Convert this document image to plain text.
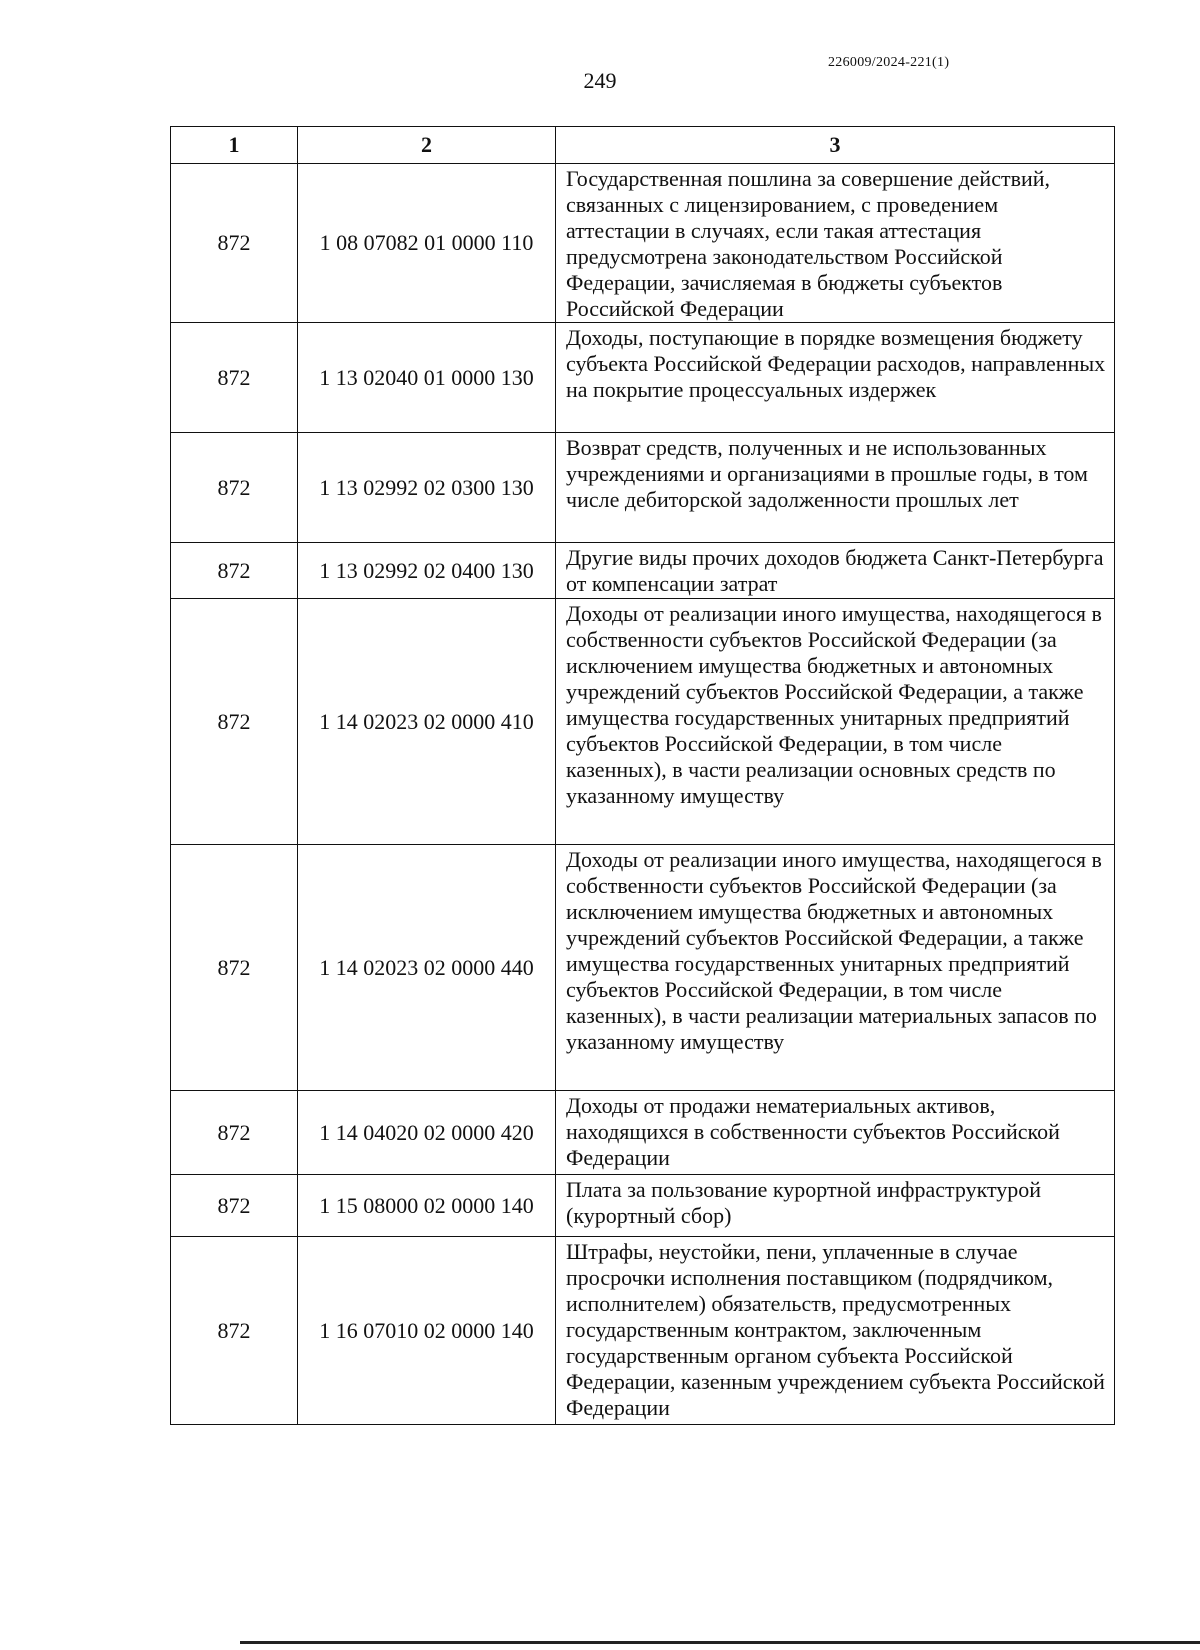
226009/2024-221(1)
249
1	2	3
872	1 08 07082 01 0000 110	Государственная пошлина за совершение действий, связанных с лицензированием, с проведением аттестации в случаях, если такая аттестация предусмотрена законодательством Российской Федерации, зачисляемая в бюджеты субъектов Российской Федерации
872	1 13 02040 01 0000 130	Доходы, поступающие в порядке возмещения бюджету субъекта Российской Федерации расходов, направленных на покрытие процессуальных издержек
872	1 13 02992 02 0300 130	Возврат средств, полученных и не использованных учреждениями и организациями в прошлые годы, в том числе дебиторской задолженности прошлых лет
872	1 13 02992 02 0400 130	Другие виды прочих доходов бюджета Санкт-Петербурга от компенсации затрат
872	1 14 02023 02 0000 410	Доходы от реализации иного имущества, находящегося в собственности субъектов Российской Федерации (за исключением имущества бюджетных и автономных учреждений субъектов Российской Федерации, а также имущества государственных унитарных предприятий субъектов Российской Федерации, в том числе казенных), в части реализации основных средств по указанному имуществу
872	1 14 02023 02 0000 440	Доходы от реализации иного имущества, находящегося в собственности субъектов Российской Федерации (за исключением имущества бюджетных и автономных учреждений субъектов Российской Федерации, а также имущества государственных унитарных предприятий субъектов Российской Федерации, в том числе казенных), в части реализации материальных запасов по указанному имуществу
872	1 14 04020 02 0000 420	Доходы от продажи нематериальных активов, находящихся в собственности субъектов Российской Федерации
872	1 15 08000 02 0000 140	Плата за пользование курортной инфраструктурой (курортный сбор)
872	1 16 07010 02 0000 140	Штрафы, неустойки, пени, уплаченные в случае просрочки исполнения поставщиком (подрядчиком, исполнителем) обязательств, предусмотренных государственным контрактом, заключенным государственным органом субъекта Российской Федерации, казенным учреждением субъекта Российской Федерации
